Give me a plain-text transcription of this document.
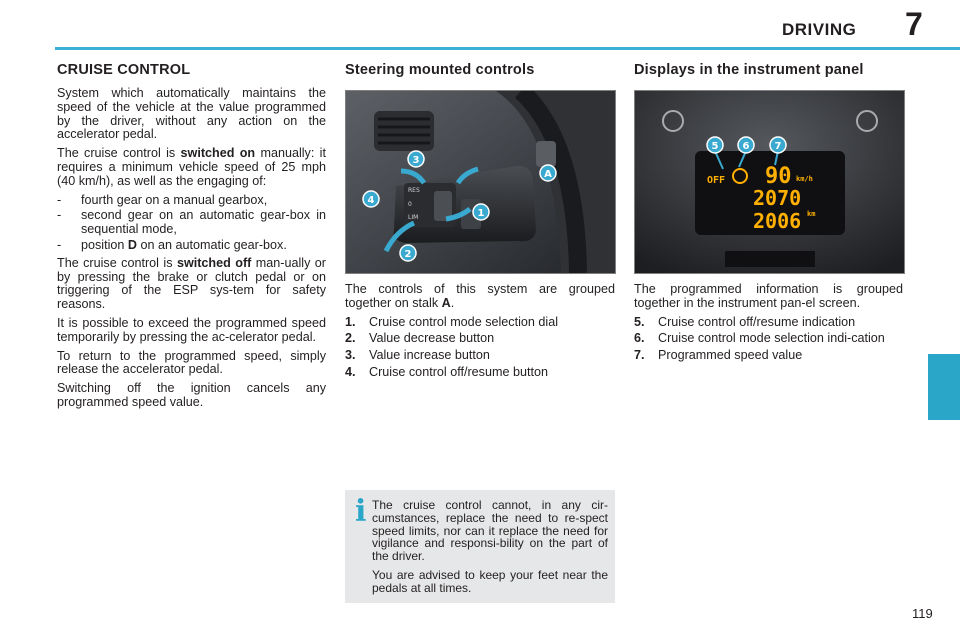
DRIVING 7
CRUISE CONTROL	Steering mounted controls	Displays in the instrument panel

System which automatically maintains the speed of the vehicle at the value programmed by the driver, without any action on the accelerator pedal.

The cruise control is switched on manually: it requires a minimum vehicle speed of 25 mph (40 km/h), as well as the engaging of:

-	fourth gear on a manual gearbox,
-	second gear on an automatic gear-box in sequential mode,
-	position D on an automatic gear-box.

The cruise control is switched off man-ually or by pressing the brake or clutch pedal or on triggering of the ESP sys-tem for safety reasons.

It is possible to exceed the programmed speed temporarily by pressing the ac-celerator pedal.

To return to the programmed speed, simply release the accelerator pedal.

Switching off the ignition cancels any programmed speed value.

RES
0
LIM
3
4
1
2
A
OFF 90 km/h
2070
2006 km
5 6	7

The controls of this system are grouped together on stalk A.

1.	Cruise control mode selection dial
2.	Value decrease button
3.	Value increase button
4.	Cruise control off/resume button

The programmed information is grouped together in the instrument pan-el screen.

5.	Cruise control off/resume indication
6.	Cruise control mode selection indi-cation
7.	Programmed speed value
i The cruise control cannot, in any cir-cumstances, replace the need to re-spect speed limits, nor can it replace the need for vigilance and responsi-bility on the part of the driver.

You are advised to keep your feet near the pedals at all times.

119
